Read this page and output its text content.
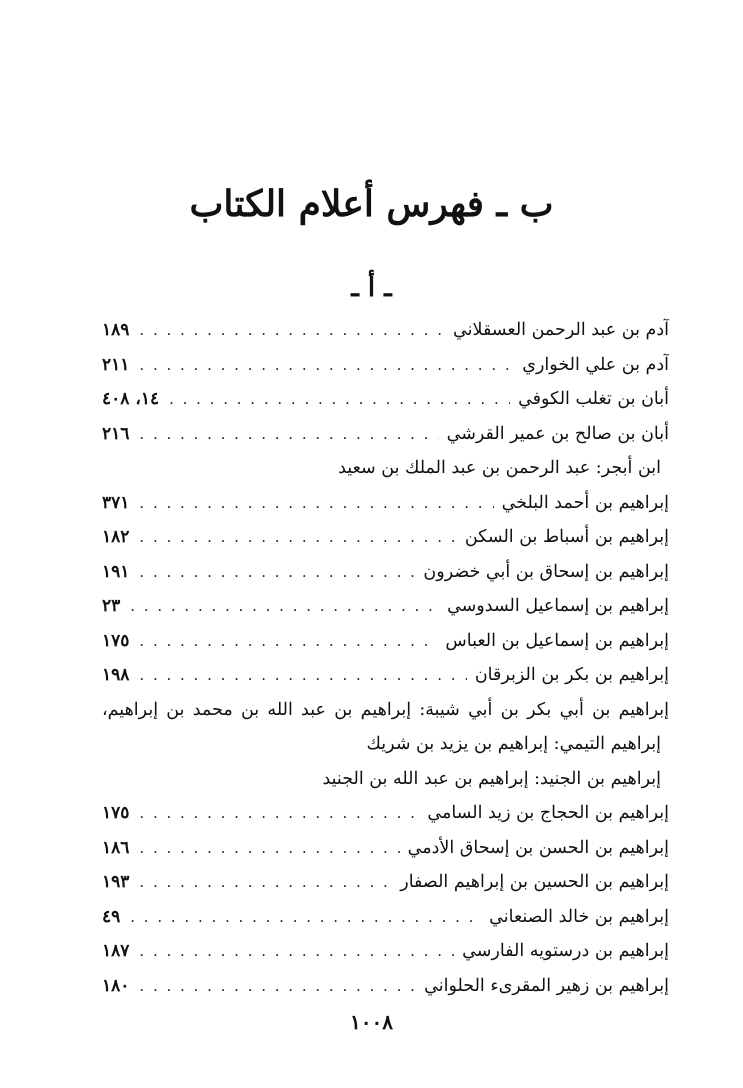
ب ـ فهرس أعلام الكتاب
ـ أ ـ
آدم بن عبد الرحمن العسقلاني
. . .
١٨٩
آدم بن علي الخواري
. . .
٢١١
أبان بن تغلب الكوفي
. . .
١٤، ٤٠٨
أبان بن صالح بن عمير القرشي
. . .
٢١٦
ابن أبجر: عبد الرحمن بن عبد الملك بن سعيد
إبراهيم بن أحمد البلخي
. . .
٣٧١
إبراهيم بن أسباط بن السكن
. . .
١٨٢
إبراهيم بن إسحاق بن أبي خضرون
. . .
١٩١
إبراهيم بن إسماعيل السدوسي
. . .
٢٣
إبراهيم بن إسماعيل بن العباس
. . .
١٧٥
إبراهيم بن بكر بن الزبرقان
. . .
١٩٨
إبراهيم بن أبي بكر بن أبي شيبة: إبراهيم بن عبد الله بن محمد بن إبراهيم،
إبراهيم التيمي: إبراهيم بن يزيد بن شريك
إبراهيم بن الجنيد: إبراهيم بن عبد الله بن الجنيد
إبراهيم بن الحجاج بن زيد السامي
. . .
١٧٥
إبراهيم بن الحسن بن إسحاق الأدمي
. . .
١٨٦
إبراهيم بن الحسين بن إبراهيم الصفار
. . .
١٩٣
إبراهيم بن خالد الصنعاني
. . .
٤٩
إبراهيم بن درستويه الفارسي
. . .
١٨٧
إبراهيم بن زهير المقرىء الحلواني
. . .
١٨٠
١٠٠٨
